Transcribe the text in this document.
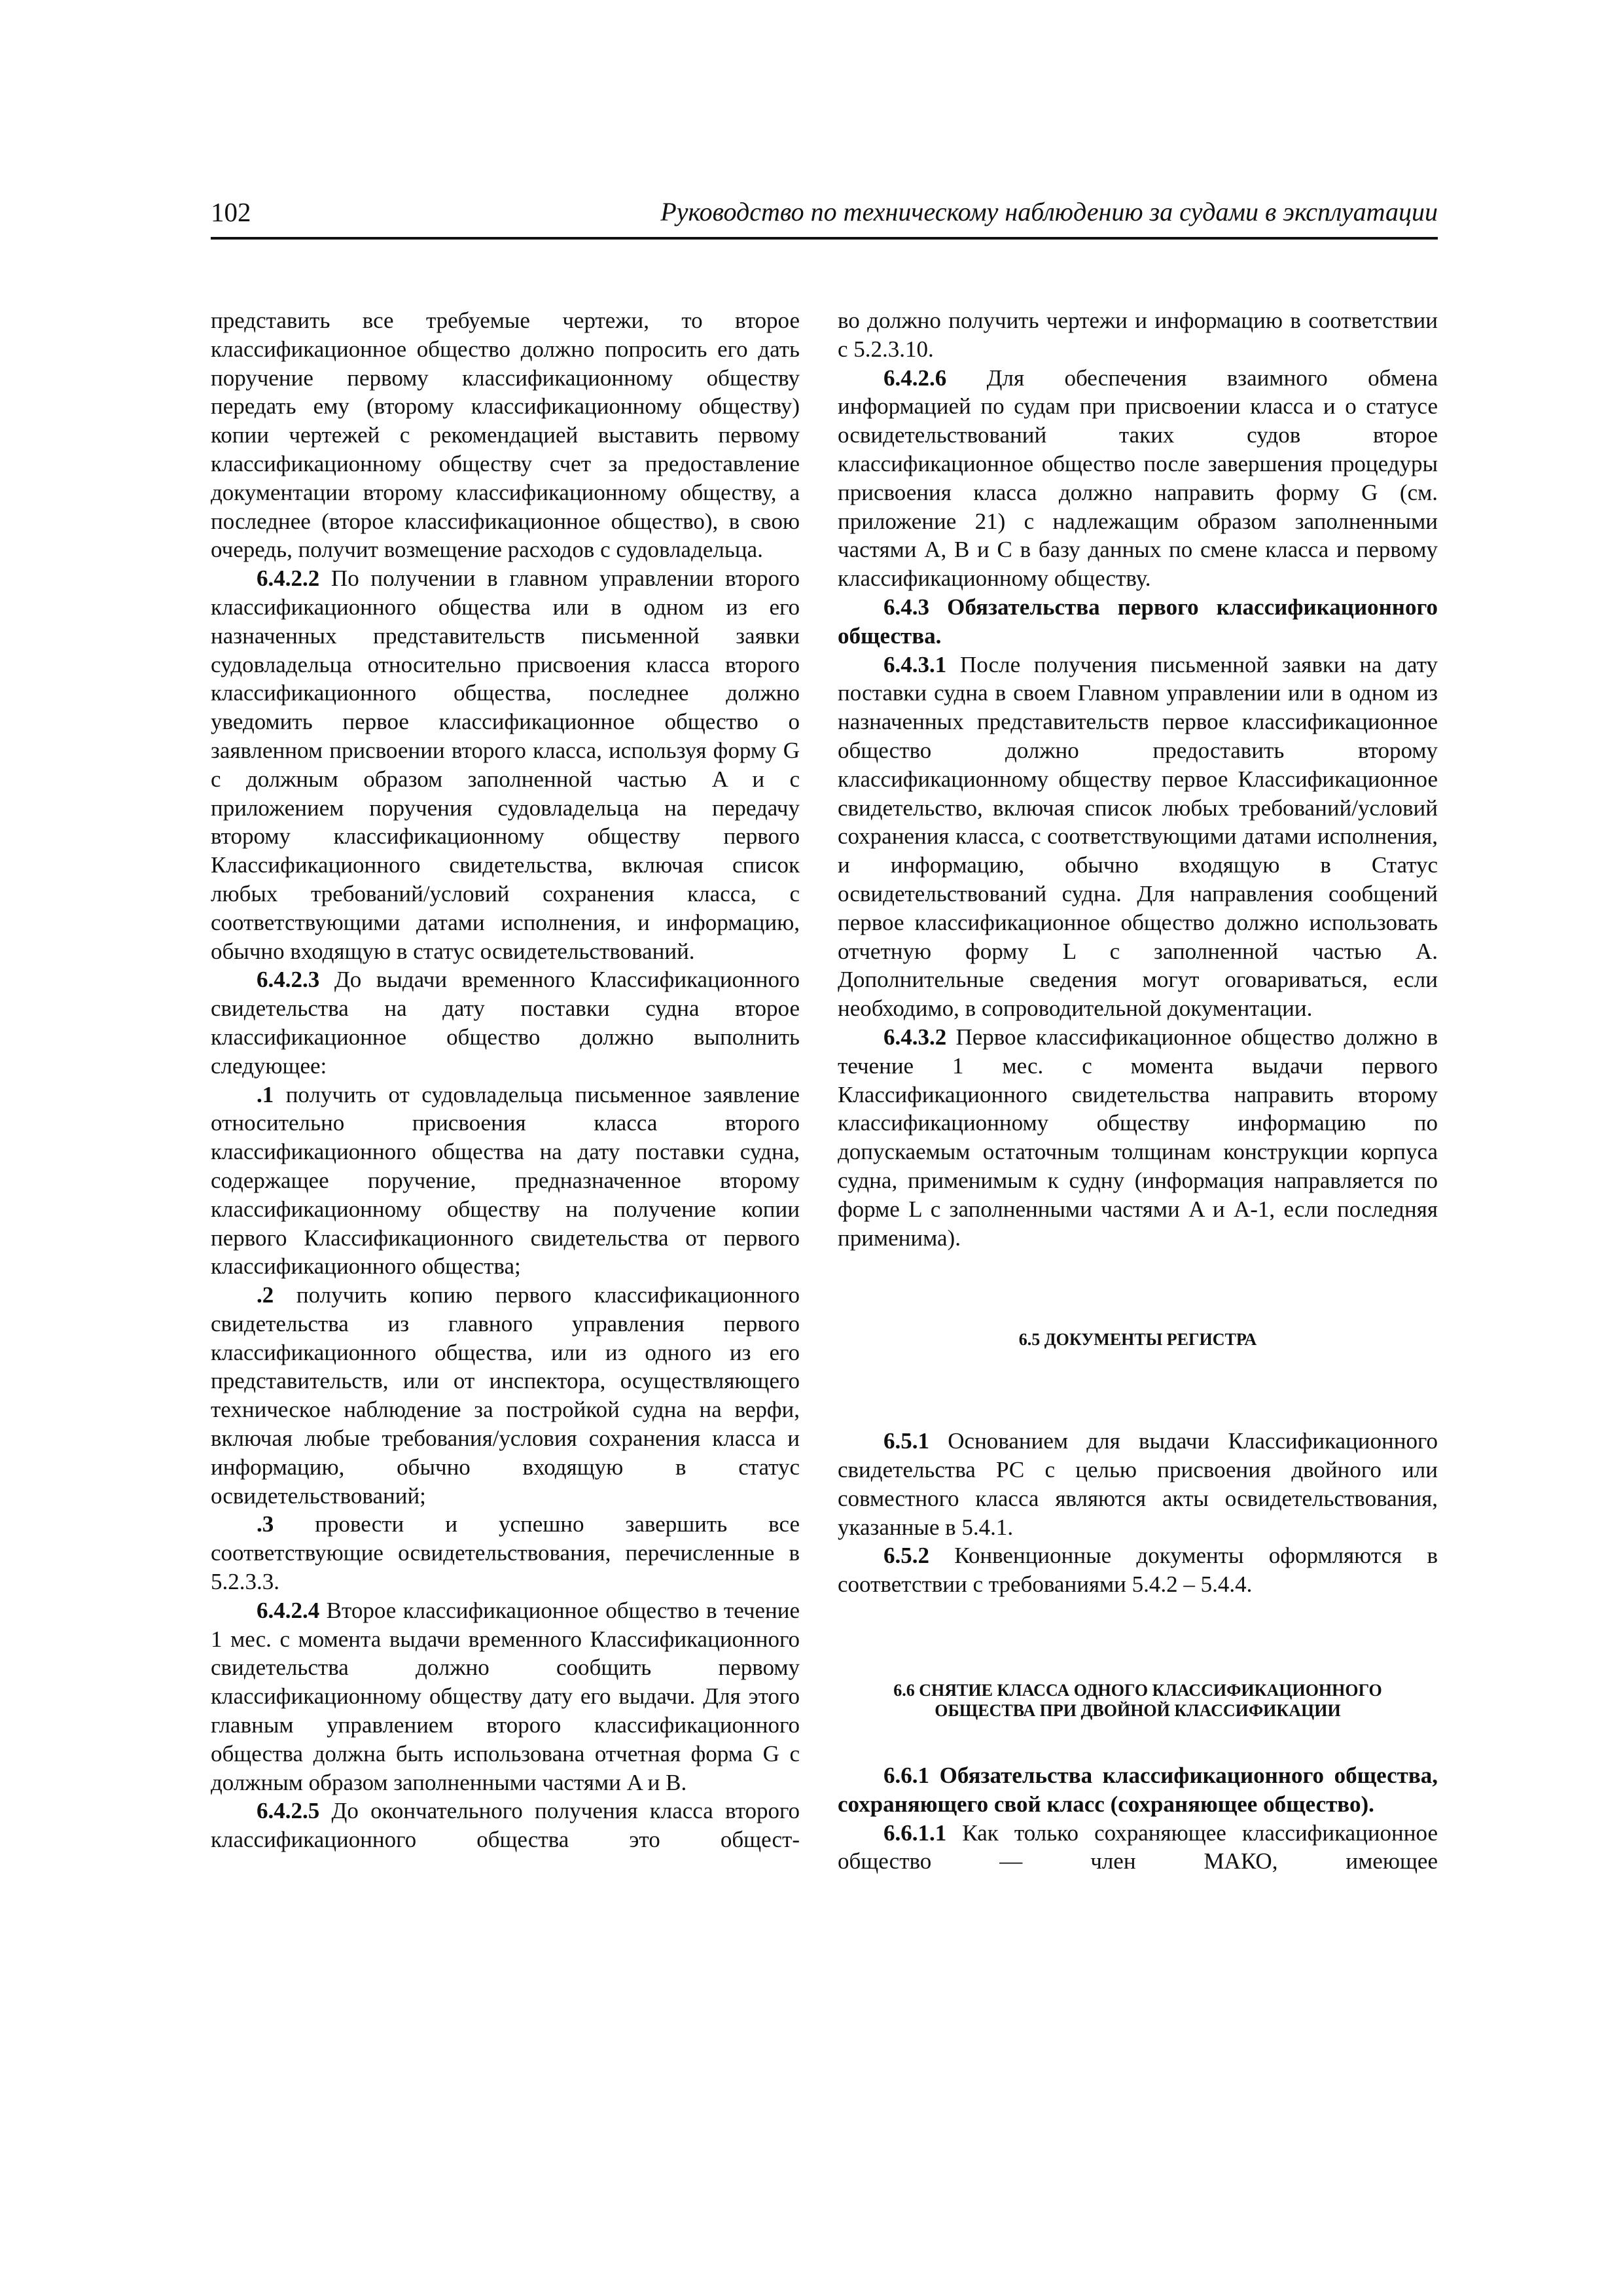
102	Руководство по техническому наблюдению за судами в эксплуатации

представить все требуемые чертежи, то второе классификационное общество должно попросить его дать поручение первому классификационному обществу передать ему (второму классификационному обществу) копии чертежей с рекомендацией выставить первому классификационному обществу счет за предоставление документации второму классификационному обществу, а последнее (второе классификационное общество), в свою очередь, получит возмещение расходов с судовладельца.

6.4.2.2 По получении в главном управлении второго классификационного общества или в одном из его назначенных представительств письменной заявки судовладельца относительно присвоения класса второго классификационного общества, последнее должно уведомить первое классификационное общество о заявленном присвоении второго класса, используя форму G с должным образом заполненной частью A и с приложением поручения судовладельца на передачу второму классификационному обществу первого Классификационного свидетельства, включая список любых требований/условий сохранения класса, с соответствующими датами исполнения, и информацию, обычно входящую в статус освидетельствований.

6.4.2.3 До выдачи временного Классификационного свидетельства на дату поставки судна второе классификационное общество должно выполнить следующее:

.1 получить от судовладельца письменное заявление относительно присвоения класса второго классификационного общества на дату поставки судна, содержащее поручение, предназначенное второму классификационному обществу на получение копии первого Классификационного свидетельства от первого классификационного общества;

.2 получить копию первого классификационного свидетельства из главного управления первого классификационного общества, или из одного из его представительств, или от инспектора, осуществляющего техническое наблюдение за постройкой судна на верфи, включая любые требования/условия сохранения класса и информацию, обычно входящую в статус освидетельствований;

.3 провести и успешно завершить все соответствующие освидетельствования, перечисленные в 5.2.3.3.

6.4.2.4 Второе классификационное общество в течение 1 мес. с момента выдачи временного Классификационного свидетельства должно сообщить первому классификационному обществу дату его выдачи. Для этого главным управлением второго классификационного общества должна быть использована отчетная форма G с должным образом заполненными частями A и B.

6.4.2.5 До окончательного получения класса второго классификационного общества это общест-

во должно получить чертежи и информацию в соответствии с 5.2.3.10.

6.4.2.6 Для обеспечения взаимного обмена информацией по судам при присвоении класса и о статусе освидетельствований таких судов второе классификационное общество после завершения процедуры присвоения класса должно направить форму G (см. приложение 21) с надлежащим образом заполненными частями A, B и C в базу данных по смене класса и первому классификационному обществу.

6.4.3 Обязательства первого классификационного общества.

6.4.3.1 После получения письменной заявки на дату поставки судна в своем Главном управлении или в одном из назначенных представительств первое классификационное общество должно предоставить второму классификационному обществу первое Классификационное свидетельство, включая список любых требований/условий сохранения класса, с соответствующими датами исполнения, и информацию, обычно входящую в Статус освидетельствований судна. Для направления сообщений первое классификационное общество должно использовать отчетную форму L с заполненной частью A. Дополнительные сведения могут оговариваться, если необходимо, в сопроводительной документации.

6.4.3.2 Первое классификационное общество должно в течение 1 мес. с момента выдачи первого Классификационного свидетельства направить второму классификационному обществу информацию по допускаемым остаточным толщинам конструкции корпуса судна, применимым к судну (информация направляется по форме L с заполненными частями A и A-1, если последняя применима).

6.5 ДОКУМЕНТЫ РЕГИСТРА

6.5.1 Основанием для выдачи Классификационного свидетельства РС с целью присвоения двойного или совместного класса являются акты освидетельствования, указанные в 5.4.1.

6.5.2 Конвенционные документы оформляются в соответствии с требованиями 5.4.2 – 5.4.4.

6.6 СНЯТИЕ КЛАССА ОДНОГО КЛАССИФИКАЦИОННОГО
ОБЩЕСТВА ПРИ ДВОЙНОЙ КЛАССИФИКАЦИИ

6.6.1 Обязательства классификационного общества, сохраняющего свой класс (сохраняющее общество).

6.6.1.1 Как только сохраняющее классификационное общество — член МАКО, имеющее
